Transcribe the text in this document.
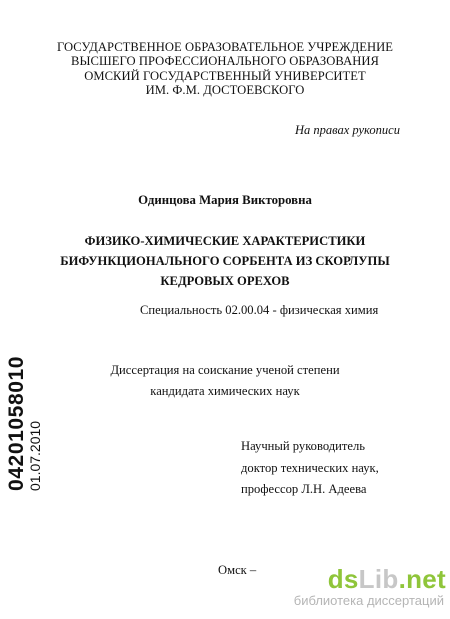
ГОСУДАРСТВЕННОЕ ОБРАЗОВАТЕЛЬНОЕ УЧРЕЖДЕНИЕ
ВЫСШЕГО ПРОФЕССИОНАЛЬНОГО ОБРАЗОВАНИЯ
ОМСКИЙ ГОСУДАРСТВЕННЫЙ УНИВЕРСИТЕТ
ИМ. Ф.М. ДОСТОЕВСКОГО
На правах рукописи
Одинцова Мария Викторовна
ФИЗИКО-ХИМИЧЕСКИЕ ХАРАКТЕРИСТИКИ
БИФУНКЦИОНАЛЬНОГО СОРБЕНТА ИЗ СКОРЛУПЫ
КЕДРОВЫХ ОРЕХОВ
Специальность 02.00.04 - физическая химия
Диссертация на соискание ученой степени
кандидата химических наук
Научный руководитель
доктор технических наук,
профессор Л.Н. Адеева
Омск –
04201058010 01.07.2010
dsLib.net
библиотека диссертаций
